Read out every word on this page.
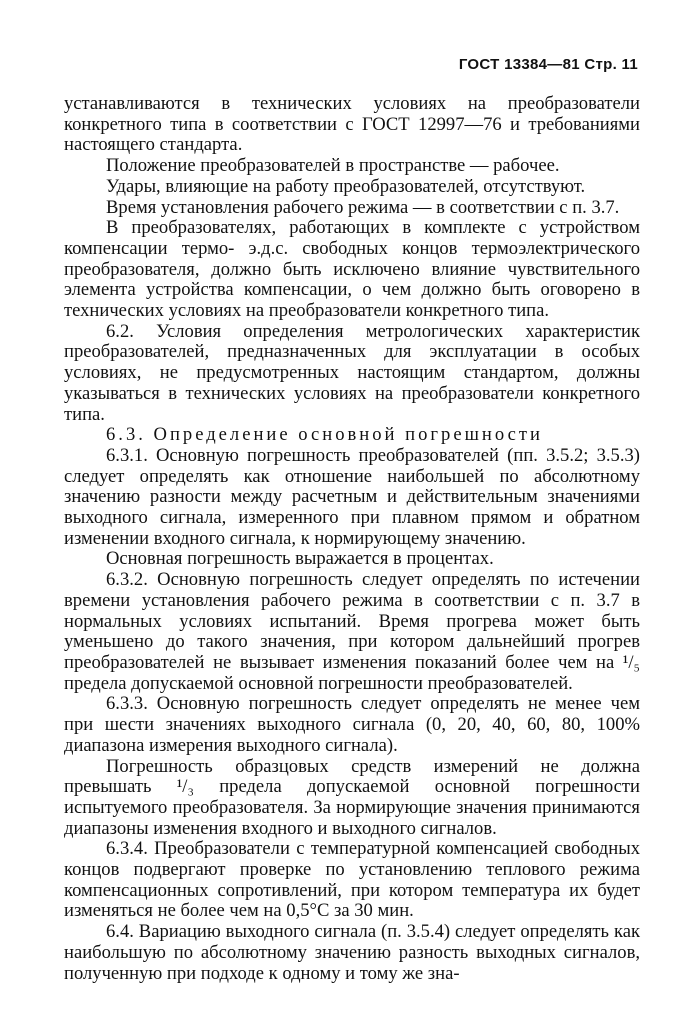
ГОСТ 13384—81 Стр. 11

устанавливаются в технических условиях на преобразователи конкретного типа в соответствии с ГОСТ 12997—76 и требованиями настоящего стандарта.

Положение преобразователей в пространстве — рабочее.

Удары, влияющие на работу преобразователей, отсутствуют.

Время установления рабочего режима — в соответствии с п. 3.7.

В преобразователях, работающих в комплекте с устройством компенсации термо- э.д.с. свободных концов термоэлектрического преобразователя, должно быть исключено влияние чувствительного элемента устройства компенсации, о чем должно быть оговорено в технических условиях на преобразователи конкретного типа.

6.2. Условия определения метрологических характеристик преобразователей, предназначенных для эксплуатации в особых условиях, не предусмотренных настоящим стандартом, должны указываться в технических условиях на преобразователи конкретного типа.

6.3. Определение основной погрешности

6.3.1. Основную погрешность преобразователей (пп. 3.5.2; 3.5.3) следует определять как отношение наибольшей по абсолютному значению разности между расчетным и действительным значениями выходного сигнала, измеренного при плавном прямом и обратном изменении входного сигнала, к нормирующему значению.

Основная погрешность выражается в процентах.

6.3.2. Основную погрешность следует определять по истечении времени установления рабочего режима в соответствии с п. 3.7 в нормальных условиях испытаний. Время прогрева может быть уменьшено до такого значения, при котором дальнейший прогрев преобразователей не вызывает изменения показаний более чем на ¹/₅ предела допускаемой основной погрешности преобразователей.

6.3.3. Основную погрешность следует определять не менее чем при шести значениях выходного сигнала (0, 20, 40, 60, 80, 100% диапазона измерения выходного сигнала).

Погрешность образцовых средств измерений не должна превышать ¹/₃ предела допускаемой основной погрешности испытуемого преобразователя. За нормирующие значения принимаются диапазоны изменения входного и выходного сигналов.

6.3.4. Преобразователи с температурной компенсацией свободных концов подвергают проверке по установлению теплового режима компенсационных сопротивлений, при котором температура их будет изменяться не более чем на 0,5°С за 30 мин.

6.4. Вариацию выходного сигнала (п. 3.5.4) следует определять как наибольшую по абсолютному значению разность выходных сигналов, полученную при подходе к одному и тому же зна-
